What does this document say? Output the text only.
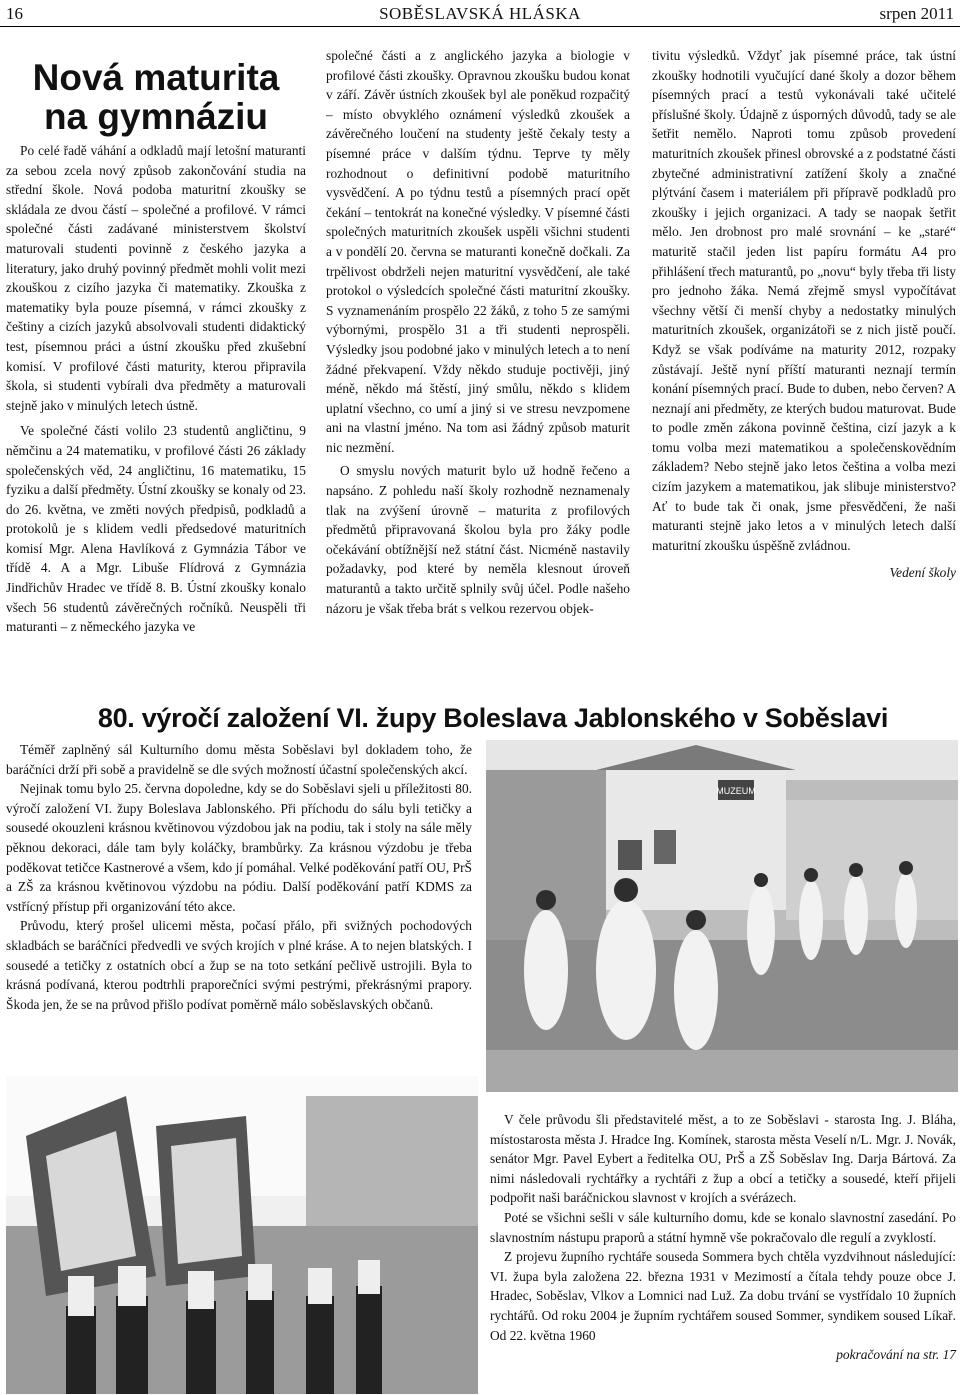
16	SOBĚSLAVSKÁ HLÁSKA	srpen 2011
Nová maturita na gymnáziu

Po celé řadě váhání a odkladů mají letošní maturanti za sebou zcela nový způsob zakončování studia na střední škole. Nová podoba maturitní zkoušky se skládala ze dvou částí – společné a profilové. V rámci společné části zadávané ministerstvem školství maturovali studenti povinně z českého jazyka a literatury, jako druhý povinný předmět mohli volit mezi zkouškou z cizího jazyka či matematiky. Zkouška z matematiky byla pouze písemná, v rámci zkoušky z češtiny a cizích jazyků absolvovali studenti didaktický test, písemnou práci a ústní zkoušku před zkušební komisí. V profilové části maturity, kterou připravila škola, si studenti vybírali dva předměty a maturovali stejně jako v minulých letech ústně.

Ve společné části volilo 23 studentů angličtinu, 9 němčinu a 24 matematiku, v profilové části 26 základy společenských věd, 24 angličtinu, 16 matematiku, 15 fyziku a další předměty. Ústní zkoušky se konaly od 23. do 26. května, ve změti nových předpisů, podkladů a protokolů je s klidem vedli předsedové maturitních komisí Mgr. Alena Havlíková z Gymnázia Tábor ve třídě 4. A a Mgr. Libuše Flídrová z Gymnázia Jindřichův Hradec ve třídě 8. B. Ústní zkoušky konalo všech 56 studentů závěrečných ročníků. Neuspěli tři maturanti – z německého jazyka ve

společné části a z anglického jazyka a biologie v profilové části zkoušky. Opravnou zkoušku budou konat v září. Závěr ústních zkoušek byl ale poněkud rozpačitý – místo obvyklého oznámení výsledků zkoušek a závěrečného loučení na studenty ještě čekaly testy a písemné práce v dalším týdnu. Teprve ty měly rozhodnout o definitivní podobě maturitního vysvědčení. A po týdnu testů a písemných prací opět čekání – tentokrát na konečné výsledky. V písemné části společných maturitních zkoušek uspěli všichni studenti a v pondělí 20. června se maturanti konečně dočkali. Za trpělivost obdrželi nejen maturitní vysvědčení, ale také protokol o výsledcích společné části maturitní zkoušky. S vyznamenáním prospělo 22 žáků, z toho 5 ze samými výbornými, prospělo 31 a tři studenti neprospěli. Výsledky jsou podobné jako v minulých letech a to není žádné překvapení. Vždy někdo studuje poctivěji, jiný méně, někdo má štěstí, jiný smůlu, někdo s klidem uplatní všechno, co umí a jiný si ve stresu nevzpomene ani na vlastní jméno. Na tom asi žádný způsob maturit nic nezmění.

O smyslu nových maturit bylo už hodně řečeno a napsáno. Z pohledu naší školy rozhodně neznamenaly tlak na zvýšení úrovně – maturita z profilových předmětů připravovaná školou byla pro žáky podle očekávání obtížnější než státní část. Nicméně nastavily požadavky, pod které by neměla klesnout úroveň maturantů a takto určitě splnily svůj účel. Podle našeho názoru je však třeba brát s velkou rezervou objek-

tivitu výsledků. Vždyť jak písemné práce, tak ústní zkoušky hodnotili vyučující dané školy a dozor během písemných prací a testů vykonávali také učitelé příslušné školy. Údajně z úsporných důvodů, tady se ale šetřit nemělo. Naproti tomu způsob provedení maturitních zkoušek přinesl obrovské a z podstatné části zbytečné administrativní zatížení školy a značné plýtvání časem i materiálem při přípravě podkladů pro zkoušky i jejich organizaci. A tady se naopak šetřit mělo. Jen drobnost pro malé srovnání – ke „staré“ maturitě stačil jeden list papíru formátu A4 pro přihlášení třech maturantů, po „novu“ byly třeba tři listy pro jednoho žáka. Nemá zřejmě smysl vypočítávat všechny větší či menší chyby a nedostatky minulých maturitních zkoušek, organizátoři se z nich jistě poučí. Když se však podíváme na maturity 2012, rozpaky zůstávají. Ještě nyní příští maturanti neznají termín konání písemných prací. Bude to duben, nebo červen? A neznají ani předměty, ze kterých budou maturovat. Bude to podle změn zákona povinně čeština, cizí jazyk a k tomu volba mezi matematikou a společenskovědním základem? Nebo stejně jako letos čeština a volba mezi cizím jazykem a matematikou, jak slibuje ministerstvo? Ať to bude tak či onak, jsme přesvědčeni, že naši maturanti stejně jako letos a v minulých letech další maturitní zkoušku úspěšně zvládnou.

Vedení školy
80. výročí založení VI. župy Boleslava Jablonského v Soběslavi

Téměř zaplněný sál Kulturního domu města Soběslavi byl dokladem toho, že baráčníci drží při sobě a pravidelně se dle svých možností účastní společenských akcí.

Nejinak tomu bylo 25. června dopoledne, kdy se do Soběslavi sjeli u příležitosti 80. výročí založení VI. župy Boleslava Jablonského. Při příchodu do sálu byli tetičky a sousedé okouzleni krásnou květinovou výzdobou jak na podiu, tak i stoly na sále měly pěknou dekoraci, dále tam byly koláčky, brambůrky. Za krásnou výzdobu je třeba poděkovat tetičce Kastnerové a všem, kdo jí pomáhal. Velké poděkování patří OU, PrŠ a ZŠ za krásnou květinovou výzdobu na pódiu. Další poděkování patří KDMS za vstřícný přístup při organizování této akce.

Průvodu, který prošel ulicemi města, počasí přálo, při svižných pochodových skladbách se baráčníci předvedli ve svých krojích v plné kráse. A to nejen blatských. I sousedé a tetičky z ostatních obcí a žup se na toto setkání pečlivě ustrojili. Byla to krásná podívaná, kterou podtrhli praporečníci svými pestrými, překrásnými prapory. Škoda jen, že se na průvod přišlo podívat poměrně málo soběslavských občanů.

MUZEUM

V čele průvodu šli představitelé měst, a to ze Soběslavi - starosta Ing. J. Bláha, místostarosta města J. Hradce Ing. Komínek, starosta města Veselí n/L. Mgr. J. Novák, senátor Mgr. Pavel Eybert a ředitelka OU, PrŠ a ZŠ Soběslav Ing. Darja Bártová. Za nimi následovali rychtářky a rychtáři z žup a obcí a tetičky a sousedé, kteří přijeli podpořit naši baráčnickou slavnost v krojích a svérázech.

Poté se všichni sešli v sále kulturního domu, kde se konalo slavnostní zasedání. Po slavnostním nástupu praporů a státní hymně vše pokračovalo dle regulí a zvyklostí.

Z projevu župního rychtáře souseda Sommera bych chtěla vyzdvihnout následující: VI. župa byla založena 22. března 1931 v Mezimostí a čítala tehdy pouze obce J. Hradec, Soběslav, Vlkov a Lomnici nad Luž. Za dobu trvání se vystřídalo 10 župních rychtářů. Od roku 2004 je župním rychtářem soused Sommer, syndikem soused Líkař. Od 22. května 1960

pokračování na str. 17
